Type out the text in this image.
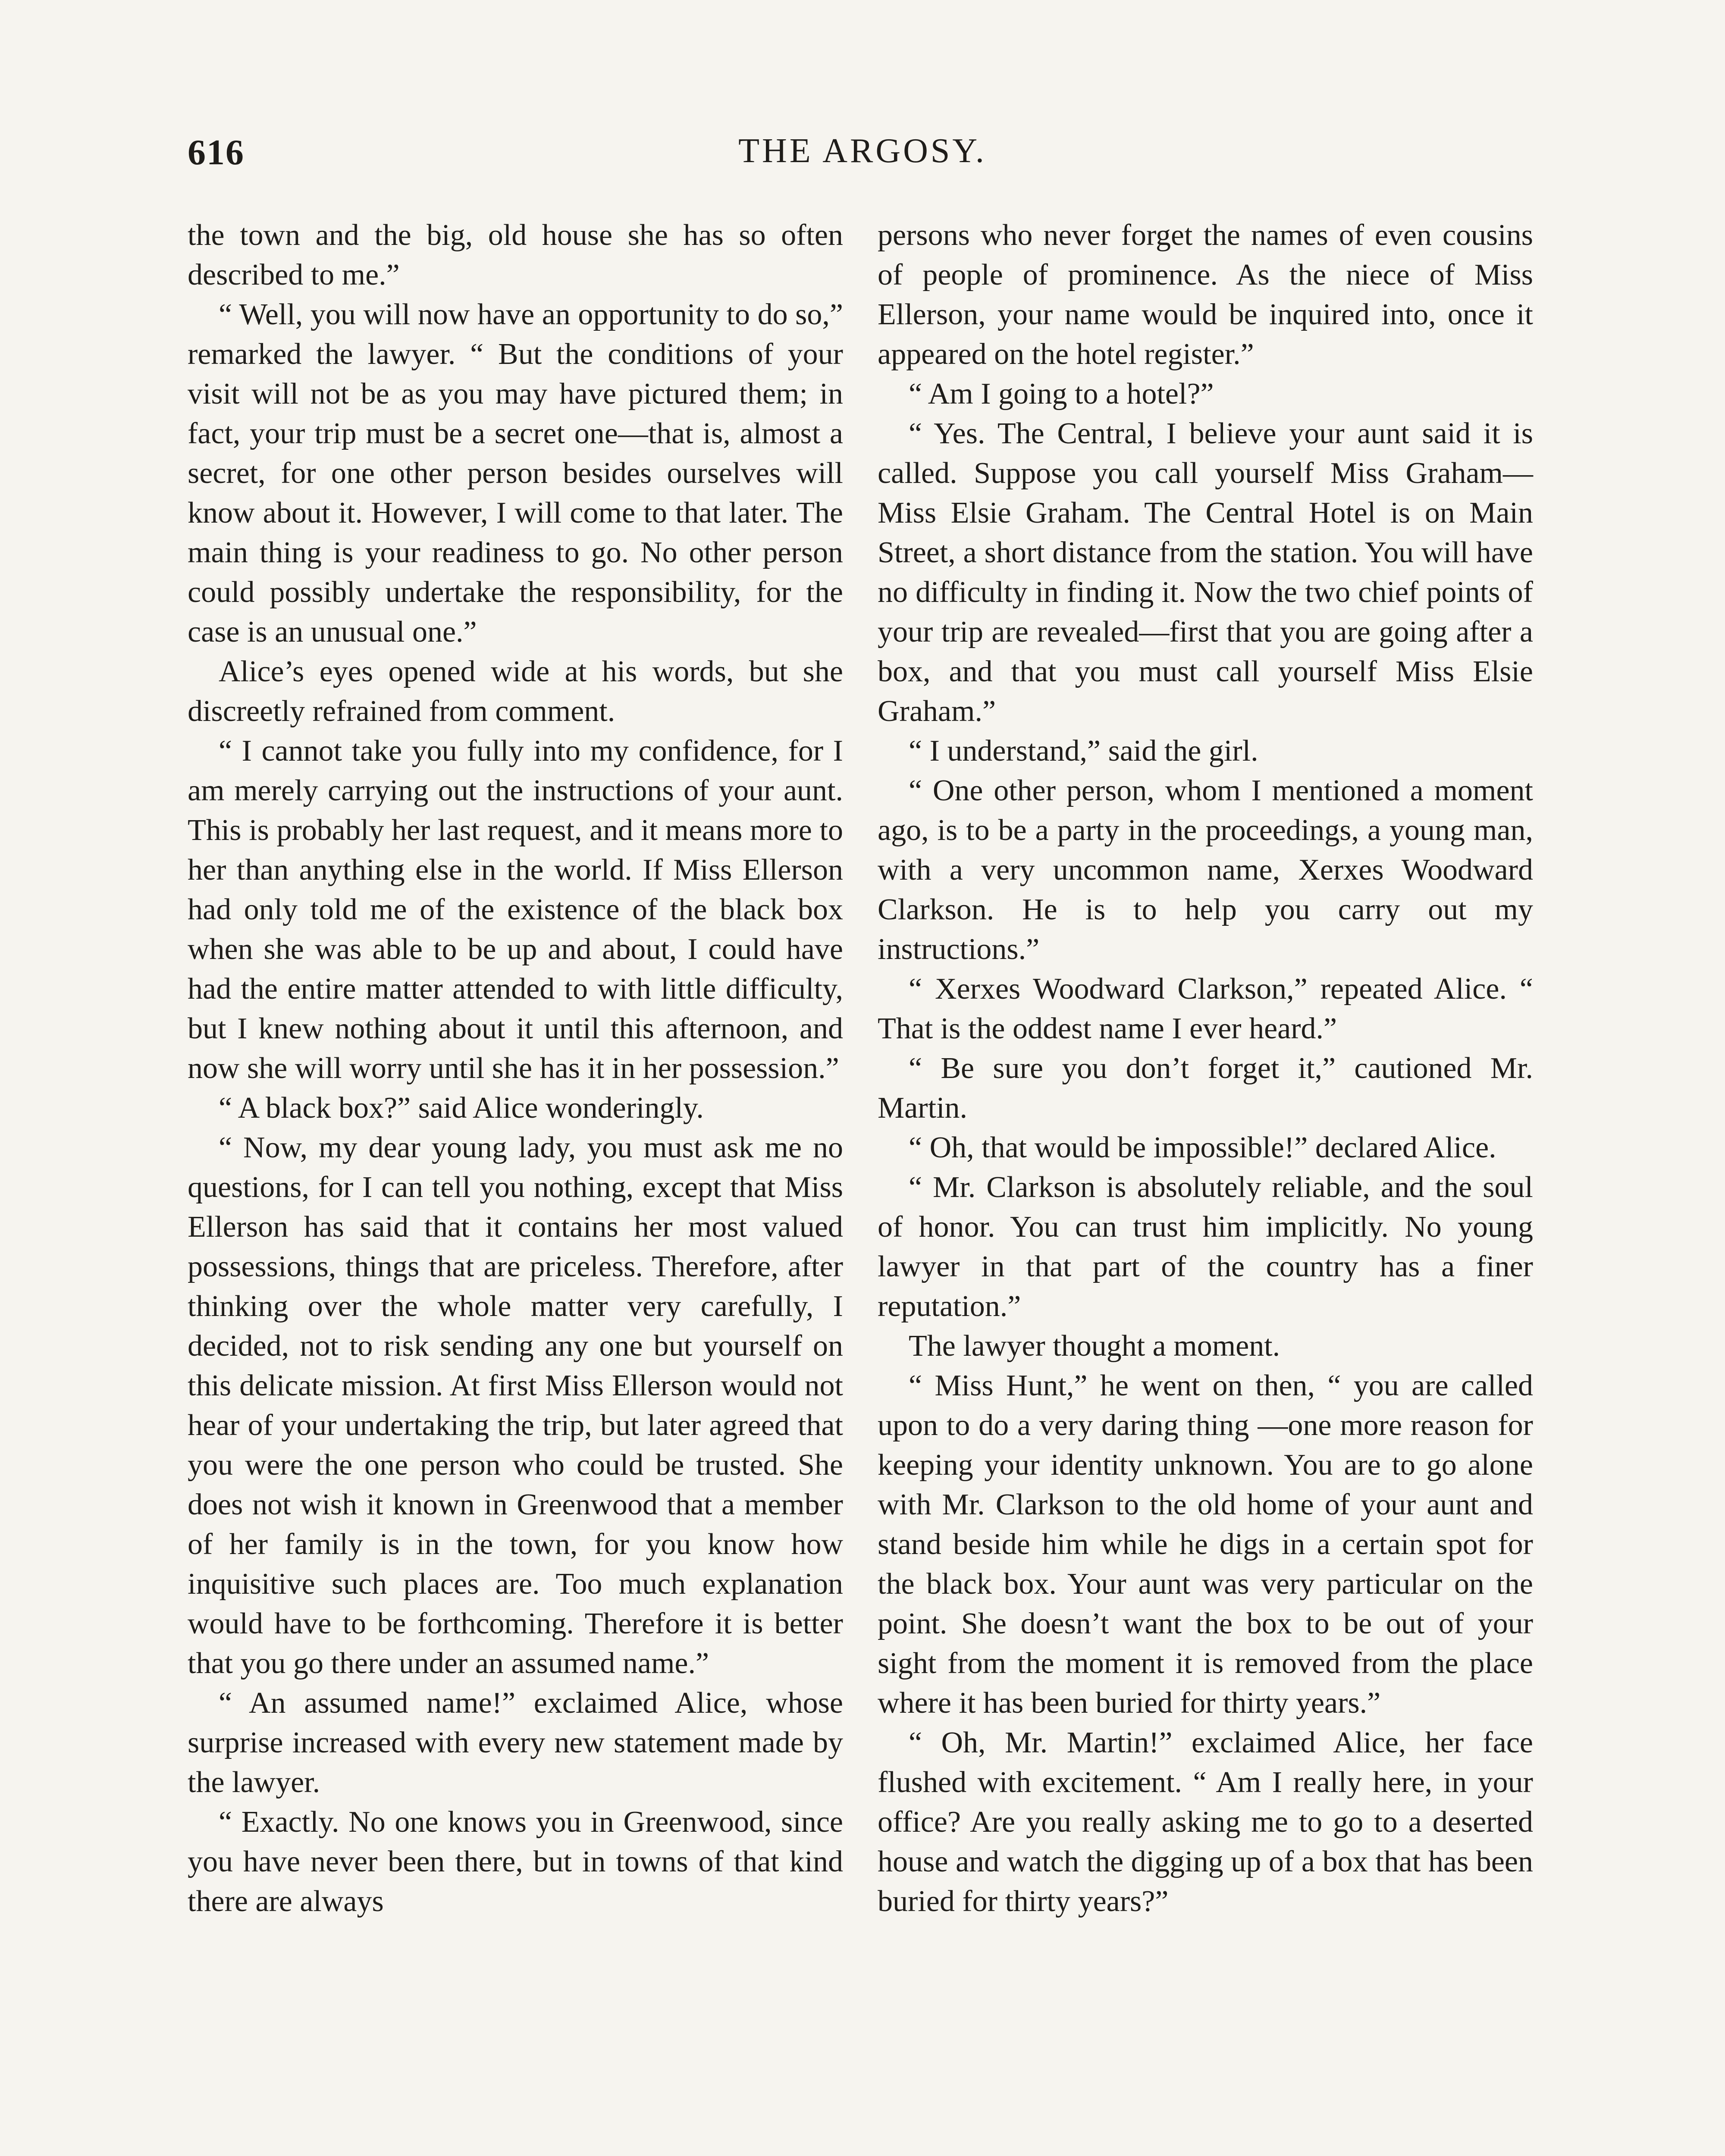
616	THE ARGOSY.

the town and the big, old house she has so often described to me.”

“ Well, you will now have an opportunity to do so,” remarked the lawyer. “ But the conditions of your visit will not be as you may have pictured them; in fact, your trip must be a secret one—that is, almost a secret, for one other person besides ourselves will know about it. However, I will come to that later. The main thing is your readiness to go. No other person could possibly undertake the responsibility, for the case is an unusual one.”

Alice’s eyes opened wide at his words, but she discreetly refrained from comment.

“ I cannot take you fully into my confidence, for I am merely carrying out the instructions of your aunt. This is probably her last request, and it means more to her than anything else in the world. If Miss Ellerson had only told me of the existence of the black box when she was able to be up and about, I could have had the entire matter attended to with little difficulty, but I knew nothing about it until this afternoon, and now she will worry until she has it in her possession.”

“ A black box?” said Alice wonderingly.

“ Now, my dear young lady, you must ask me no questions, for I can tell you nothing, except that Miss Ellerson has said that it contains her most valued possessions, things that are priceless. Therefore, after thinking over the whole matter very carefully, I decided, not to risk sending any one but yourself on this delicate mission. At first Miss Ellerson would not hear of your undertaking the trip, but later agreed that you were the one person who could be trusted. She does not wish it known in Greenwood that a member of her family is in the town, for you know how inquisitive such places are. Too much explanation would have to be forthcoming. Therefore it is better that you go there under an assumed name.”

“ An assumed name!” exclaimed Alice, whose surprise increased with every new statement made by the lawyer.

“ Exactly. No one knows you in Greenwood, since you have never been there, but in towns of that kind there are always

persons who never forget the names of even cousins of people of prominence. As the niece of Miss Ellerson, your name would be inquired into, once it appeared on the hotel register.”

“ Am I going to a hotel?”

“ Yes. The Central, I believe your aunt said it is called. Suppose you call yourself Miss Graham—Miss Elsie Graham. The Central Hotel is on Main Street, a short distance from the station. You will have no difficulty in finding it. Now the two chief points of your trip are revealed—first that you are going after a box, and that you must call yourself Miss Elsie Graham.”

“ I understand,” said the girl.

“ One other person, whom I mentioned a moment ago, is to be a party in the proceedings, a young man, with a very uncommon name, Xerxes Woodward Clarkson. He is to help you carry out my instructions.”

“ Xerxes Woodward Clarkson,” repeated Alice. “ That is the oddest name I ever heard.”

“ Be sure you don’t forget it,” cautioned Mr. Martin.

“ Oh, that would be impossible!” declared Alice.

“ Mr. Clarkson is absolutely reliable, and the soul of honor. You can trust him implicitly. No young lawyer in that part of the country has a finer reputation.”

The lawyer thought a moment.

“ Miss Hunt,” he went on then, “ you are called upon to do a very daring thing —one more reason for keeping your identity unknown. You are to go alone with Mr. Clarkson to the old home of your aunt and stand beside him while he digs in a certain spot for the black box. Your aunt was very particular on the point. She doesn’t want the box to be out of your sight from the moment it is removed from the place where it has been buried for thirty years.”

“ Oh, Mr. Martin!” exclaimed Alice, her face flushed with excitement. “ Am I really here, in your office? Are you really asking me to go to a deserted house and watch the digging up of a box that has been buried for thirty years?”
